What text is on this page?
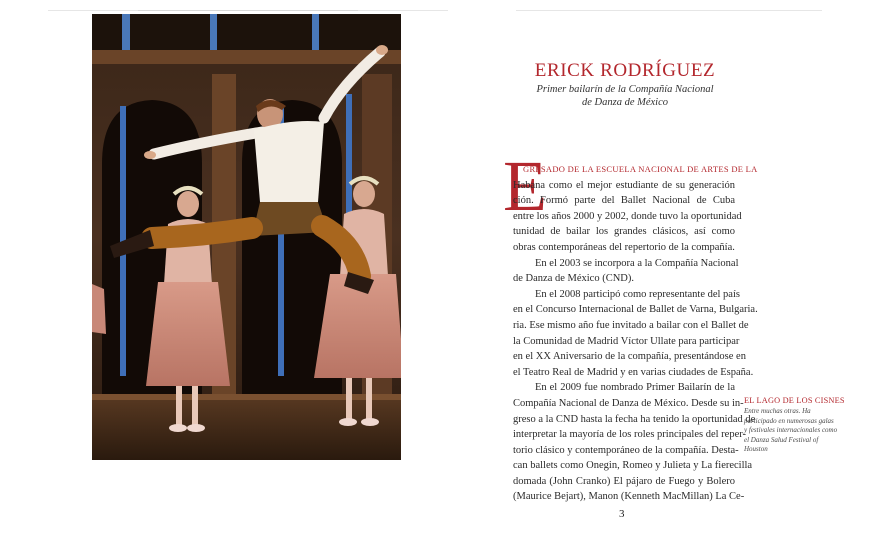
ERICK RODRÍGUEZ
Primer bailarín de la Compañía Nacional
de Danza de México
E
GRESADO DE LA ESCUELA NACIONAL DE ARTES DE LA
Habana como el mejor estudiante de su generación
ción. Formó parte del Ballet Nacional de Cuba
entre los años 2000 y 2002, donde tuvo la oportunidad
tunidad de bailar los grandes clásicos, así como
obras contemporáneas del repertorio de la compañía.
En el 2003 se incorpora a la Compañía Nacional
de Danza de México (CND).
En el 2008 participó como representante del país
en el Concurso Internacional de Ballet de Varna, Bulgaria.
ria. Ese mismo año fue invitado a bailar con el Ballet de
la Comunidad de Madrid Víctor Ullate para participar
en el XX Aniversario de la compañía, presentándose en
el Teatro Real de Madrid y en varias ciudades de España.
En el 2009 fue nombrado Primer Bailarín de la
Compañía Nacional de Danza de México. Desde su in-
greso a la CND hasta la fecha ha tenido la oportunidad de
interpretar la mayoría de los roles principales del reper-
torio clásico y contemporáneo de la compañía. Desta-
can ballets como Onegin, Romeo y Julieta y La fierecilla
domada (John Cranko) El pájaro de Fuego y Bolero
(Maurice Bejart), Manon (Kenneth MacMillan) La Ce-
EL LAGO DE LOS CISNES
Entre muchas otras. Ha
participado en numerosas galas
y festivales internacionales como
el Danza Salud Festival of
Houston
3
